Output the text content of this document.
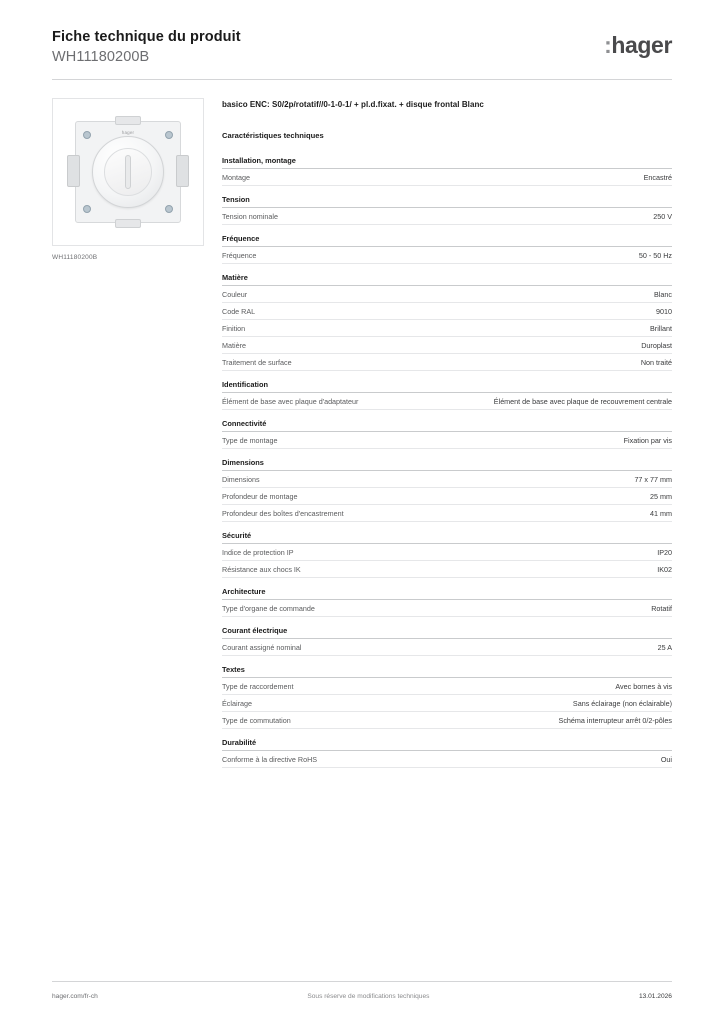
Fiche technique du produit
WH11180200B	:hager
hager
WH11180200B
basico ENC: S0/2p/rotatif//0-1-0-1/ + pl.d.fixat. + disque frontal Blanc
Caractéristiques techniques
Installation, montage
Montage	Encastré
Tension
Tension nominale	250 V
Fréquence
Fréquence	50 - 50 Hz
Matière
Couleur	Blanc
Code RAL	9010
Finition	Brillant
Matière	Duroplast
Traitement de surface	Non traité
Identification
Élément de base avec plaque d'adaptateur	Élément de base avec plaque de recouvrement centrale
Connectivité
Type de montage	Fixation par vis
Dimensions
Dimensions	77 x 77 mm
Profondeur de montage	25 mm
Profondeur des boîtes d'encastrement	41 mm
Sécurité
Indice de protection IP	IP20
Résistance aux chocs IK	IK02
Architecture
Type d'organe de commande	Rotatif
Courant électrique
Courant assigné nominal	25 A
Textes
Type de raccordement	Avec bornes à vis
Éclairage	Sans éclairage (non éclairable)
Type de commutation	Schéma interrupteur arrêt 0/2-pôles
Durabilité
Conforme à la directive RoHS	Oui
hager.com/fr-ch	Sous réserve de modifications techniques	13.01.2026
